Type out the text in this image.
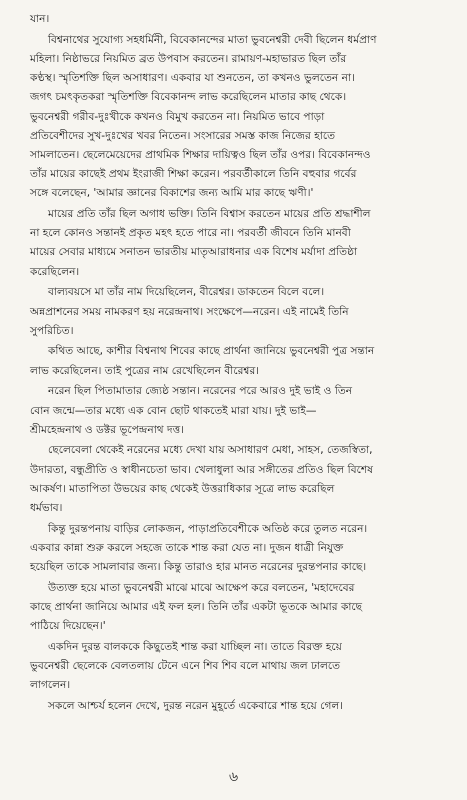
যান।

বিশ্বনাথের সুযোগ্য সহধর্মিনী, বিবেকানন্দের মাতা ভুবনেশ্বরী দেবী ছিলেন ধর্মপ্রাণ
মহিলা। নিষ্ঠাভরে নিয়মিত ব্রত উপবাস করতেন। রামায়ণ-মহাভারত ছিল তাঁর
কণ্ঠস্থ। স্মৃতিশক্তি ছিল অসাধারণ। একবার যা শুনতেন, তা কখনও ভুলতেন না।
জগৎ চমৎকৃতকরা স্মৃতিশক্তি বিবেকানন্দ লাভ করেছিলেন মাতার কাছ থেকে।
ভুবনেশ্বরী গরীব-দুঃখীকে কখনও বিমুখ করতেন না। নিয়মিত ভাবে পাড়া
প্রতিবেশীদের সুখ-দুঃখের খবর নিতেন। সংসারের সমস্ত কাজ নিজের হাতে
সামলাতেন। ছেলেমেয়েদের প্রাথমিক শিক্ষার দায়িত্বও ছিল তাঁর ওপর। বিবেকানন্দও
তাঁর মায়ের কাছেই প্রথম ইংরাজী শিক্ষা করেন। পরবর্তীকালে তিনি বহুবার গর্বের
সঙ্গে বলেছেন, 'আমার জ্ঞানের বিকাশের জন্য আমি মার কাছে ঋণী।'

মায়ের প্রতি তাঁর ছিল অগাধ ভক্তি। তিনি বিশ্বাস করতেন মায়ের প্রতি শ্রদ্ধাশীল
না হলে কোনও সন্তানই প্রকৃত মহৎ হতে পারে না। পরবর্তী জীবনে তিনি মানবী
মায়ের সেবার মাধ্যমে সনাতন ভারতীয় মাতৃআরাধনার এক বিশেষ মর্যাদা প্রতিষ্ঠা
করেছিলেন।

বাল্যবয়সে মা তাঁর নাম দিয়েছিলেন, বীরেশ্বর। ডাকতেন বিলে বলে।
অন্নপ্রাশনের সময় নামকরণ হয় নরেন্দ্রনাথ। সংক্ষেপে—নরেন। এই নামেই তিনি
সুপরিচিত।

কথিত আছে, কাশীর বিশ্বনাথ শিবের কাছে প্রার্থনা জানিয়ে ভুবনেশ্বরী পুত্র সন্তান
লাভ করেছিলেন। তাই পুত্রের নাম রেখেছিলেন বীরেশ্বর।

নরেন ছিল পিতামাতার জ্যেষ্ঠ সন্তান। নরেনের পরে আরও দুই ভাই ও তিন
বোন জন্মে—তার মধ্যে এক বোন ছোট থাকতেই মারা যায়। দুই ভাই—
শ্রীমহেন্দ্রনাথ ও ডক্টর ভূপেন্দ্রনাথ দত্ত।

ছেলেবেলা থেকেই নরেনের মধ্যে দেখা যায় অসাধারণ মেধা, সাহস, তেজস্বিতা,
উদারতা, বন্ধুপ্রীতি ও স্বাধীনচেতা ভাব। খেলাধুলা আর সঙ্গীতের প্রতিও ছিল বিশেষ
আকর্ষণ। মাতাপিতা উভয়ের কাছ থেকেই উত্তরাধিকার সূত্রে লাভ করেছিল
ধর্মভাব।

কিন্তু দুরন্তপনায় বাড়ির লোকজন, পাড়াপ্রতিবেশীকে অতিষ্ঠ করে তুলত নরেন।
একবার কান্না শুরু করলে সহজে তাকে শান্ত করা যেত না। দুজন ধাত্রী নিযুক্ত
হয়েছিল তাকে সামলাবার জন্য। কিন্তু তারাও হার মানত নরেনের দুরন্তপনার কাছে।

উত্যক্ত হয়ে মাতা ভুবনেশ্বরী মাঝে মাঝে আক্ষেপ করে বলতেন, 'মহাদেবের
কাছে প্রার্থনা জানিয়ে আমার এই ফল হল। তিনি তাঁর একটা ভূতকে আমার কাছে
পাঠিয়ে দিয়েছেন।'

একদিন দুরন্ত বালককে কিছুতেই শান্ত করা যাচ্ছিল না। তাতে বিরক্ত হয়ে
ভুবনেশ্বরী ছেলেকে বেলতলায় টেনে এনে শিব শিব বলে মাথায় জল ঢালতে
লাগলেন।

সকলে আশ্চর্য হলেন দেখে, দুরন্ত নরেন মুহূর্তে একেবারে শান্ত হয়ে গেল।

৬
